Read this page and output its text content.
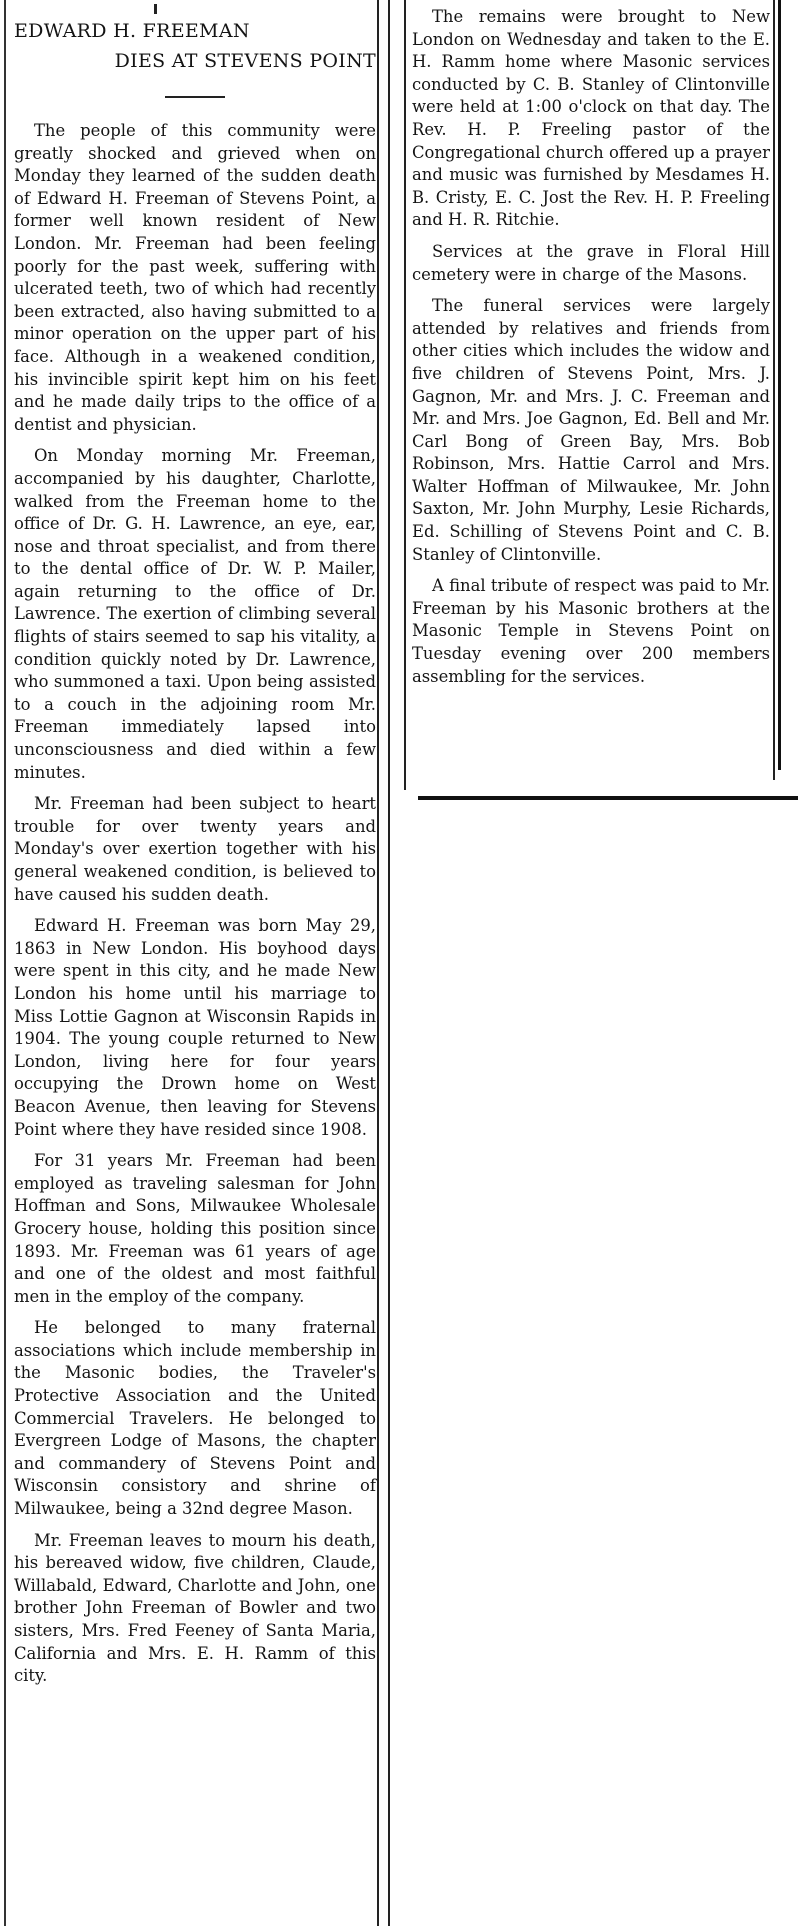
EDWARD H. FREEMAN
DIES AT STEVENS POINT

The people of this community were greatly shocked and grieved when on Monday they learned of the sudden death of Edward H. Freeman of Stevens Point, a former well known resident of New London. Mr. Freeman had been feeling poorly for the past week, suffering with ulcerated teeth, two of which had recently been extracted, also having submitted to a minor operation on the upper part of his face. Although in a weakened condition, his invincible spirit kept him on his feet and he made daily trips to the office of a dentist and physician.

On Monday morning Mr. Freeman, accompanied by his daughter, Charlotte, walked from the Freeman home to the office of Dr. G. H. Lawrence, an eye, ear, nose and throat specialist, and from there to the dental office of Dr. W. P. Mailer, again returning to the office of Dr. Lawrence. The exertion of climbing several flights of stairs seemed to sap his vitality, a condition quickly noted by Dr. Lawrence, who summoned a taxi. Upon being assisted to a couch in the adjoining room Mr. Freeman immediately lapsed into unconsciousness and died within a few minutes.

Mr. Freeman had been subject to heart trouble for over twenty years and Monday's over exertion together with his general weakened condition, is believed to have caused his sudden death.

Edward H. Freeman was born May 29, 1863 in New London. His boyhood days were spent in this city, and he made New London his home until his marriage to Miss Lottie Gagnon at Wisconsin Rapids in 1904. The young couple returned to New London, living here for four years occupying the Drown home on West Beacon Avenue, then leaving for Stevens Point where they have resided since 1908.

For 31 years Mr. Freeman had been employed as traveling salesman for John Hoffman and Sons, Milwaukee Wholesale Grocery house, holding this position since 1893. Mr. Freeman was 61 years of age and one of the oldest and most faithful men in the employ of the company.

He belonged to many fraternal associations which include membership in the Masonic bodies, the Traveler's Protective Association and the United Commercial Travelers. He belonged to Evergreen Lodge of Masons, the chapter and commandery of Stevens Point and Wisconsin consistory and shrine of Milwaukee, being a 32nd degree Mason.

Mr. Freeman leaves to mourn his death, his bereaved widow, five children, Claude, Willabald, Edward, Charlotte and John, one brother John Freeman of Bowler and two sisters, Mrs. Fred Feeney of Santa Maria, California and Mrs. E. H. Ramm of this city.

The remains were brought to New London on Wednesday and taken to the E. H. Ramm home where Masonic services conducted by C. B. Stanley of Clintonville were held at 1:00 o'clock on that day. The Rev. H. P. Freeling pastor of the Congregational church offered up a prayer and music was furnished by Mesdames H. B. Cristy, E. C. Jost the Rev. H. P. Freeling and H. R. Ritchie.

Services at the grave in Floral Hill cemetery were in charge of the Masons.

The funeral services were largely attended by relatives and friends from other cities which includes the widow and five children of Stevens Point, Mrs. J. Gagnon, Mr. and Mrs. J. C. Freeman and Mr. and Mrs. Joe Gagnon, Ed. Bell and Mr. Carl Bong of Green Bay, Mrs. Bob Robinson, Mrs. Hattie Carrol and Mrs. Walter Hoffman of Milwaukee, Mr. John Saxton, Mr. John Murphy, Lesie Richards, Ed. Schilling of Stevens Point and C. B. Stanley of Clintonville.

A final tribute of respect was paid to Mr. Freeman by his Masonic brothers at the Masonic Temple in Stevens Point on Tuesday evening over 200 members assembling for the services.
